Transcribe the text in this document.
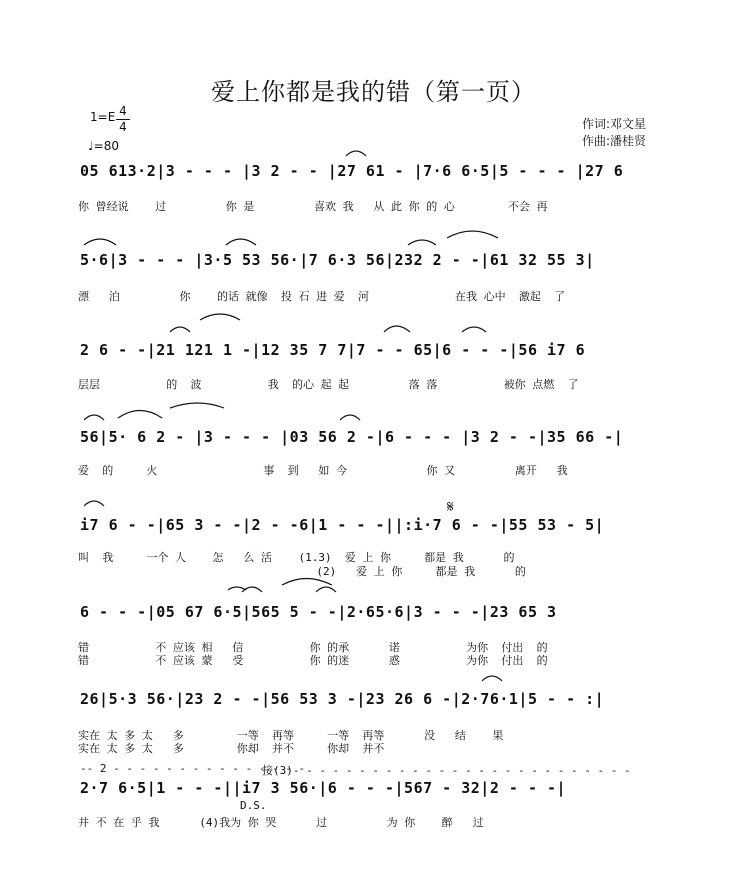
爱上你都是我的错（第一页）
1=E 4
4
♩=80
作词:邓文星
作曲:潘桂贤
05 613·2|3 - - - |3 2 - - |27 61 - |7·6 6·5|5 - - - |27 6
你 曾经说    过         你 是         喜欢 我   从 此 你 的 心        不会 再
5·6|3 - - - |3·5 53 56·|7 6·3 56|232 2 - -|61 32 55 3|
漂   泊         你    的话 就像  投 石 进 爱  河             在我 心中  激起  了
2 6 - -|21 121 1 -|12 35 7 7|7 - - 65|6 - - -|56 i7 6
层层          的  波          我  的心 起 起         落 落          被你 点燃  了
56|5· 6 2 - |3 - - - |03 56 2 -|6 - - - |3 2 - -|35 66 -|
爱  的     火                事  到   如 今            你 又         离开   我
𝄋
i7 6 - -|65 3 - -|2 - -6|1 - - -||:i·7 6 - -|55 53 - 5|
叫  我     一个 人    怎   么 活    (1.3)  爱 上 你     都是 我      的
(2)   爱 上 你     都是 我      的
6 - - -|05 67 6·5|565 5 - -|2·65·6|3 - - -|23 65 3
错          不 应该 相   信          你 的承      诺          为你  付出  的
错          不 应该 蒙   受          你 的迷      惑          为你  付出  的
26|5·3 56·|23 2 - -|56 53 3 -|23 26 6 -|2·76·1|5 - - :|
实在 太 多 太   多        一等  再等     一等  再等      没   结    果
实在 太 多 太   多        你却  并不     你却  并不
-- 2 - - - - - - - - - - - - - - -
接(3)- - - - - - - - - - - - - - - - - - - - - - - - - -
2·7 6·5|1 - - -||i7 3 56·|6 - - -|567 - 32|2 - - -|
D.S.
井 不 在 乎 我      (4)我为 你 哭      过         为 你    醉   过
